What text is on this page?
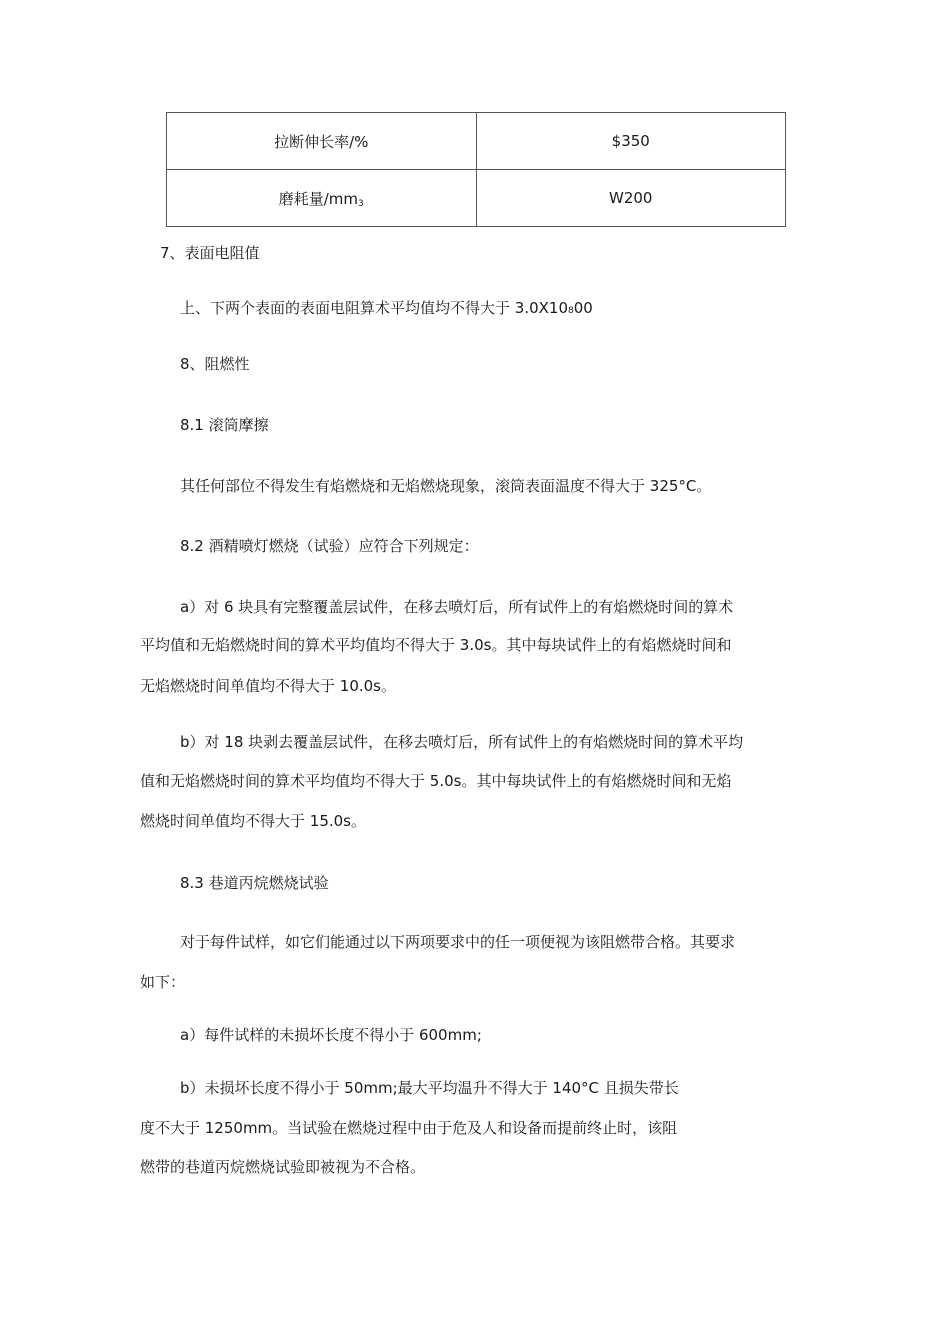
拉断伸长率/%	$350
磨耗量$/mm_3$	W200
7、表面电阻值
上、下两个表面的表面电阻算术平均值均不得大于 3.0X10800
8、阻燃性
8.1 滚筒摩擦
其任何部位不得发生有焰燃烧和无焰燃烧现象，滚筒表面温度不得大于 325°C。
8.2 酒精喷灯燃烧（试验）应符合下列规定：
a）对 6 块具有完整覆盖层试件，在移去喷灯后，所有试件上的有焰燃烧时间的算术
平均值和无焰燃烧时间的算术平均值均不得大于 3.0s。其中每块试件上的有焰燃烧时间和
无焰燃烧时间单值均不得大于 10.0s。
b）对 18 块剥去覆盖层试件，在移去喷灯后，所有试件上的有焰燃烧时间的算术平均
值和无焰燃烧时间的算术平均值均不得大于 5.0s。其中每块试件上的有焰燃烧时间和无焰
燃烧时间单值均不得大于 15.0s。
8.3 巷道丙烷燃烧试验
对于每件试样，如它们能通过以下两项要求中的任一项便视为该阻燃带合格。其要求
如下：
a）每件试样的未损坏长度不得小于 600mm;
b）未损坏长度不得小于 50mm;最大平均温升不得大于 140°C 且损失带长
度不大于 1250mm。当试验在燃烧过程中由于危及人和设备而提前终止时，该阻
燃带的巷道丙烷燃烧试验即被视为不合格。
